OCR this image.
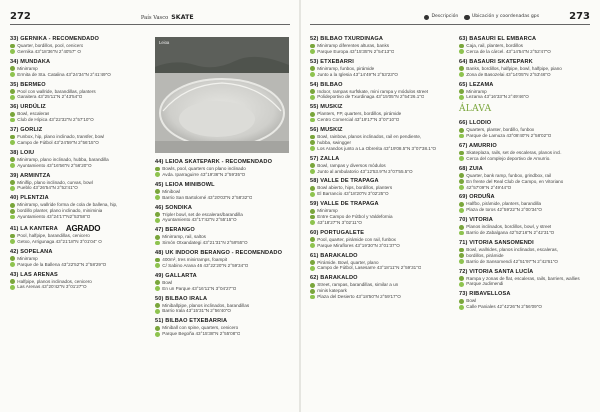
272	País Vasco SKATE	Descripción	Ubicación y coordenadas gps	273
Leioa
33) GERNIKA - RECOMENDADO
Quarter, bordillos, pool, cenicero
Gernika 43°18'36"N 2°40'57" O
34) MUNDAKA
Minirramp
Ermita de Sta. Catalina 43°24'34"N 2°41'49"O
35) BERMEO
Pool con wallride, barandillas, planters
Garaitera 43°25'11"N 2°43'54"O
36) URDÚLIZ
Bowl, escaleras
Club de Hípica 43°22'32"N 2°57'10"O
37) GORLIZ
Funbox, hip, plano inclinado, transfer, bowl
Campo de Fútbol 43°24'59"N 2°56'15"O
38) LOIU
Minirramp, plano inclinado, hubba, barandilla
Ayuntamiento 43°16'56"N 2°56'20"O
39) ARMINTZA
Miniflip, plano inclinado, curvas, bowl
Pueblo 43°26'54"N 2°52'41"O
40) PLENTZIA
Minirramp, wallride forma de cola de ballena, hip,
bordillo planter, plano inclinado, miniminia
Ayuntamiento 43°24'17"N2°53'58"O
41) LA KANTERA AGRADO
Pool, halfpipe, barandillas, cenicero
Getxo, Arrigunaga 43°21'18"N 3°01'04" O
42) SOPELANA
Minirramp
Parque de la Ballena 43°22'52"N 2°58'29"O
43) LAS ARENAS
Halfpipe, planos inclinados, cenicero
Las Arenas 43°20'42"N 3°01'27"O
44) LEIOA SKATEPARK - RECOMENDADO
Bowls, pool, quarters con plano inclinado
Avda. Iparraguirre 43°19'36"N 2°59'35"O
45) LEIOA MINIBOWL
Minibowl
Barrio San Bartolomé 43°20'03"N 2°58'32"O
46) SONDIKA
Triple! bowl, set de escaleras/barandilla
Ayuntamiento 43°17'42"N 2°55'15"O
47) BERANGO
Minirramp, rail, saltos
Simón Otxandategi 43°21'31"N 2°59'55"O
48) UK INDOOR BERANGO - RECOMENDADO
400m², tres minirramps, foampit
C/ Sabino Arana 46 43°22'20"N 2°59'34"O
49) GALLARTA
Bowl
En un Parque 43°16'11"N 3°04'27"O
50) BILBAO IRALA
Miniballpipe, planos inclinados, barandillas
Barrio Irala 43°15'31"N 2°56'40"O
51) BILBAO ETXEBARRIA
Miniball con spine, quarters, cenicero
Parque Begoña 43°15'38"N 2°55'08"O
52) BILBAO TXURDINAGA
Minirramp diferentes alturas, banks
Parque Europa 43°15'35"N 2°54'13"O
53) ETXEBARRI
Minirramp, funbox, pirámide
Junto a la Iglesia 43°14'49"N 2°53'23"O
54) BILBAO
Indoor, rampas surfskate, mini rampa y módulos street
Polideportivo de Txurdinaga 43°15'05"N 2°54'26.1"O
55) MUSKIZ
Planters, FP, quarters, bordillos, pirámide
Centro Comercial 43°19'17"N 3°07'10"O
56) MUSKIZ
Bowl, rainbow, planos inclinados, rail en pendiente,
hubba, swingger
Los Arandos junto a La Obrerita 43°19'08.5"N 3°07'38.1"O
57) ZALLA
Bowl, rampas y diversos módulos
Junto al ambulatorio 43°12'53.9"N 3°07'55.5"O
58) VALLE DE TRAPAGA
Bowl abierto, hips, bordillos, planters
El Barrancio 43°18'20"N 3°02'25"O
59) VALLE DE TRAPAGA
Minirramp
Entre Campo de Fútbol y Valdefornia
43°18'27"N 3°02'11"O
60) PORTUGALETE
Pool, quarter, pirámide con rail, funbox
Parque Miraflores 43°19'30"N 3°01'37"O
61) BARAKALDO
Pirámide. Bowl, quarter, plano
Campo de Fútbol, Lasesarre 43°18'11"N 2°59'31"O
62) BARAKALDO
Street, rampas, barandillas, similar a un
minis katepark
Plaza del Desierto 43°18'50"N 2°59'17"O
63) BASAURI EL EMBARCA
Caja, rail, planters, bordillos
Cerca de la cárcel. 43°14'54"N 2°52'47"O
64) BASAURI SKATEPARK
Banks, bordillos, halfpipe, bowl, halfpipe, piano
Zona de Basozelai 43°14'05"N 2°53'46"O
65) LEZAMA
Minirramp
Lezama 43°16'33"N 2°49'46"O
ÁLAVA
66) LLODIO
Quarters, planter, bordillo, funbox
Parque de Lamuza 43°08'40"N 2°58'02"O
67) AMURRIO
Skateplaza, rails, set de escaleras, planos incl.
Cerca del complejo deportivo de Amurrio.
68) ZUIA
Quarter, bank ramp, funbox, grindbox, rail
En frente del Real Club de Campo, en Vitoriano
42°57'09"N 2°49'44"O
69) ORDUÑA
Halfbo, pirámide, planters, barandilla
Plaza de toros 42°59'22"N 2°00'34"O
70) VITORIA
Planos inclinados, bordillos, bowl, y street
Barrio de Zabalgana 42°52'16"N 2°42'31"O
71) VITORIA SANSOMENDI
Bowl, wallrides, planos inclinados, escaleras,
bordillos, pirámide
Barrio de Sansomendi 42°51'97"N 2°42'61"O
72) VITORIA SANTA LUCÍA
Rampa y zonas de flat, escaleras, rails, barriers, wallies
Parque Judimendi
73) RIBAVELLOSA
Bowl
Calle Paniales 42°42'26"N 2°56'09"O
